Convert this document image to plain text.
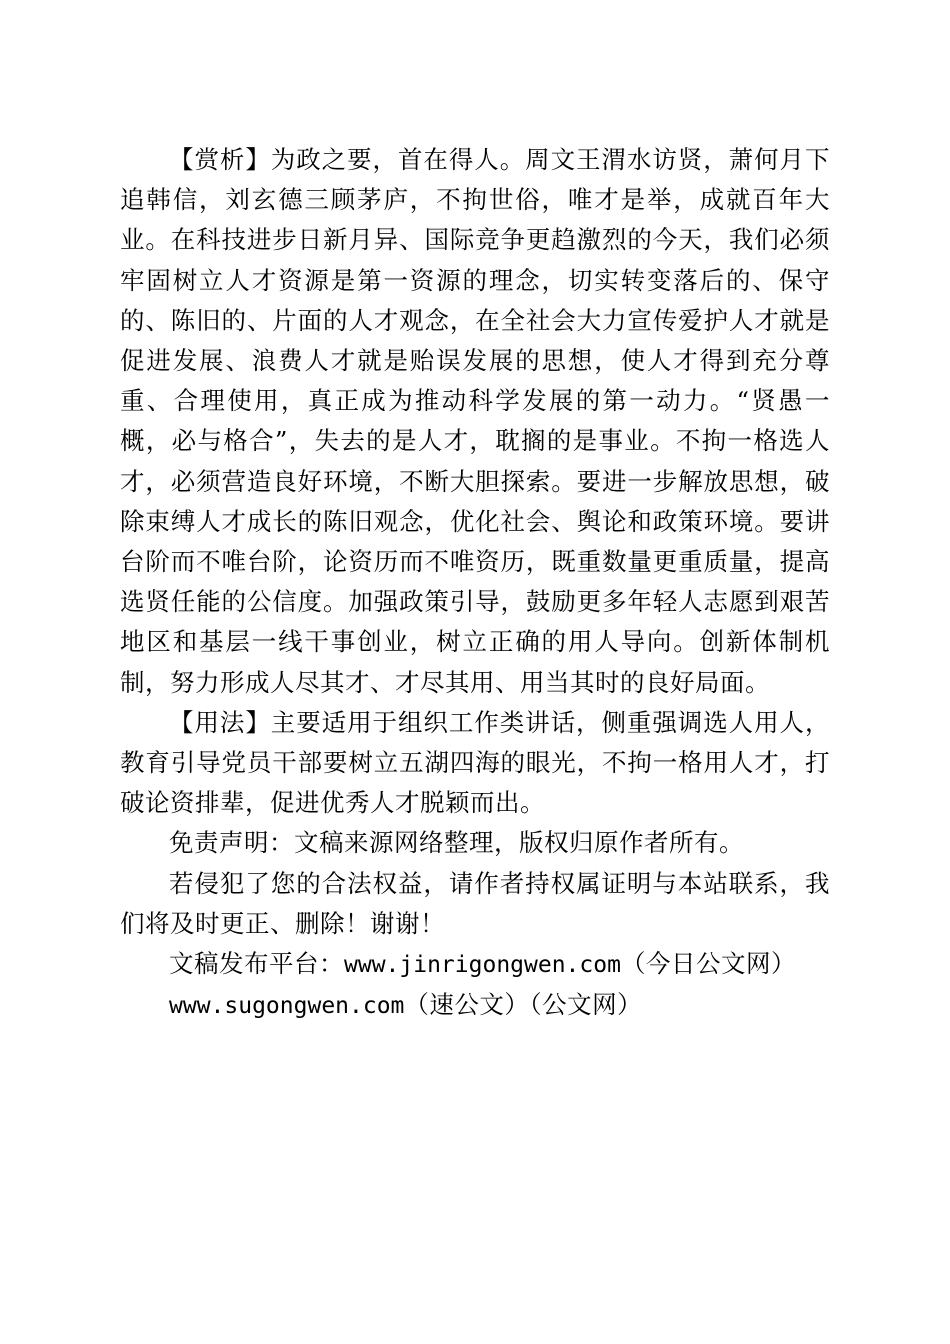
【赏析】为政之要，首在得人。周文王渭水访贤，萧何月下追韩信，刘玄德三顾茅庐，不拘世俗，唯才是举，成就百年大业。在科技进步日新月异、国际竞争更趋激烈的今天，我们必须牢固树立人才资源是第一资源的理念，切实转变落后的、保守的、陈旧的、片面的人才观念，在全社会大力宣传爱护人才就是促进发展、浪费人才就是贻误发展的思想，使人才得到充分尊重、合理使用，真正成为推动科学发展的第一动力。“贤愚一概，必与格合”，失去的是人才，耽搁的是事业。不拘一格选人才，必须营造良好环境，不断大胆探索。要进一步解放思想，破除束缚人才成长的陈旧观念，优化社会、舆论和政策环境。要讲台阶而不唯台阶，论资历而不唯资历，既重数量更重质量，提高选贤任能的公信度。加强政策引导，鼓励更多年轻人志愿到艰苦地区和基层一线干事创业，树立正确的用人导向。创新体制机制，努力形成人尽其才、才尽其用、用当其时的良好局面。

【用法】主要适用于组织工作类讲话，侧重强调选人用人，教育引导党员干部要树立五湖四海的眼光，不拘一格用人才，打破论资排辈，促进优秀人才脱颖而出。

免责声明：文稿来源网络整理，版权归原作者所有。

若侵犯了您的合法权益，请作者持权属证明与本站联系，我们将及时更正、删除！谢谢！

文稿发布平台：www.jinrigongwen.com（今日公文网）

www.sugongwen.com（速公文）（公文网）
